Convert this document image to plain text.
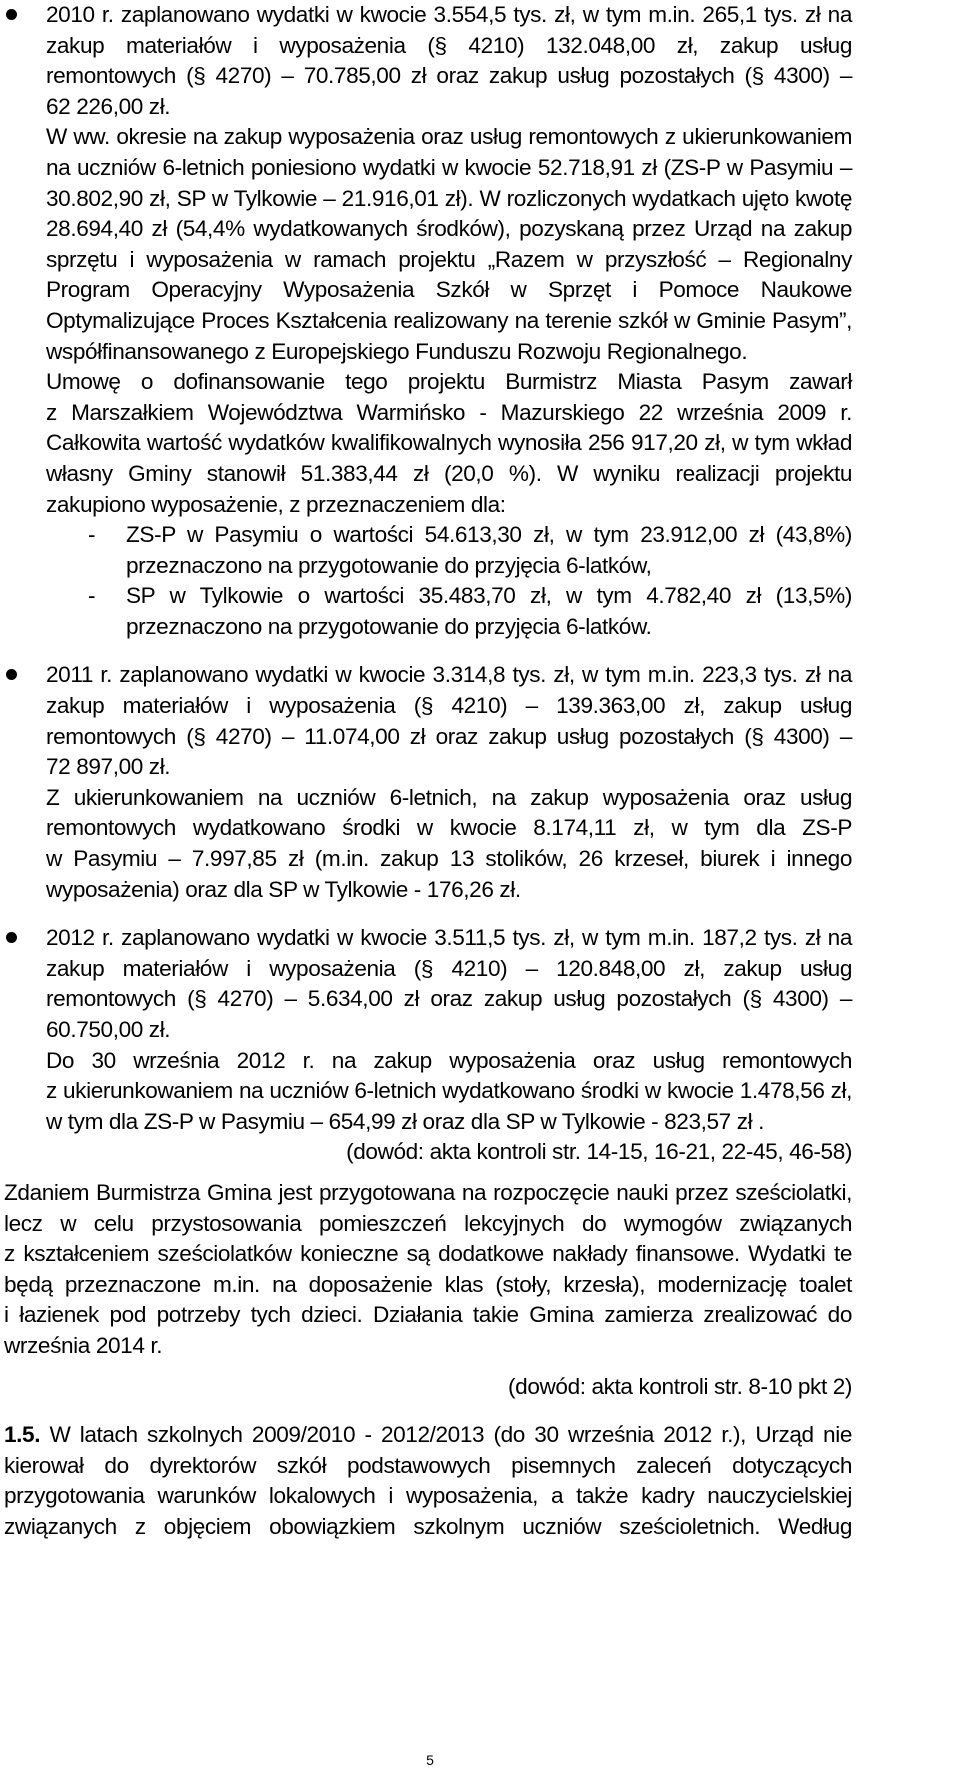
2010 r. zaplanowano wydatki w kwocie 3.554,5 tys. zł, w tym m.in. 265,1 tys. zł na
zakup materiałów i wyposażenia (§ 4210) 132.048,00 zł, zakup usług
remontowych (§ 4270) – 70.785,00 zł oraz zakup usług pozostałych (§ 4300) –
62 226,00 zł.
W ww. okresie na zakup wyposażenia oraz usług remontowych z ukierunkowaniem
na uczniów 6-letnich poniesiono wydatki w kwocie 52.718,91 zł (ZS-P w Pasymiu –
30.802,90 zł, SP w Tylkowie – 21.916,01 zł). W rozliczonych wydatkach ujęto kwotę
28.694,40 zł (54,4% wydatkowanych środków), pozyskaną przez Urząd na zakup
sprzętu i wyposażenia w ramach projektu „Razem w przyszłość – Regionalny
Program Operacyjny Wyposażenia Szkół w Sprzęt i Pomoce Naukowe
Optymalizujące Proces Kształcenia realizowany na terenie szkół w Gminie Pasym”,
współfinansowanego z Europejskiego Funduszu Rozwoju Regionalnego.
Umowę o dofinansowanie tego projektu Burmistrz Miasta Pasym zawarł
z Marszałkiem Województwa Warmińsko - Mazurskiego 22 września 2009 r.
Całkowita wartość wydatków kwalifikowalnych wynosiła 256 917,20 zł, w tym wkład
własny Gminy stanowił 51.383,44 zł (20,0 %). W wyniku realizacji projektu
zakupiono wyposażenie, z przeznaczeniem dla:
- ZS-P w Pasymiu o wartości 54.613,30 zł, w tym 23.912,00 zł (43,8%)
przeznaczono na przygotowanie do przyjęcia 6-latków,
- SP w Tylkowie o wartości 35.483,70 zł, w tym 4.782,40 zł (13,5%)
przeznaczono na przygotowanie do przyjęcia 6-latków.
2011 r. zaplanowano wydatki w kwocie 3.314,8 tys. zł, w tym m.in. 223,3 tys. zł na
zakup materiałów i wyposażenia (§ 4210) – 139.363,00 zł, zakup usług
remontowych (§ 4270) – 11.074,00 zł oraz zakup usług pozostałych (§ 4300) –
72 897,00 zł.
Z ukierunkowaniem na uczniów 6-letnich, na zakup wyposażenia oraz usług
remontowych wydatkowano środki w kwocie 8.174,11 zł, w tym dla ZS-P
w Pasymiu – 7.997,85 zł (m.in. zakup 13 stolików, 26 krzeseł, biurek i innego
wyposażenia) oraz dla SP w Tylkowie - 176,26 zł.
2012 r. zaplanowano wydatki w kwocie 3.511,5 tys. zł, w tym m.in. 187,2 tys. zł na
zakup materiałów i wyposażenia (§ 4210) – 120.848,00 zł, zakup usług
remontowych (§ 4270) – 5.634,00 zł oraz zakup usług pozostałych (§ 4300) –
60.750,00 zł.
Do 30 września 2012 r. na zakup wyposażenia oraz usług remontowych
z ukierunkowaniem na uczniów 6-letnich wydatkowano środki w kwocie 1.478,56 zł,
w tym dla ZS-P w Pasymiu – 654,99 zł oraz dla SP w Tylkowie - 823,57 zł .
(dowód: akta kontroli str. 14-15, 16-21, 22-45, 46-58)
Zdaniem Burmistrza Gmina jest przygotowana na rozpoczęcie nauki przez sześciolatki,
lecz w celu przystosowania pomieszczeń lekcyjnych do wymogów związanych
z kształceniem sześciolatków konieczne są dodatkowe nakłady finansowe. Wydatki te
będą przeznaczone m.in. na doposażenie klas (stoły, krzesła), modernizację toalet
i łazienek pod potrzeby tych dzieci. Działania takie Gmina zamierza zrealizować do
września 2014 r.
(dowód: akta kontroli str. 8-10 pkt 2)
1.5. W latach szkolnych 2009/2010 - 2012/2013 (do 30 września 2012 r.), Urząd nie
kierował do dyrektorów szkół podstawowych pisemnych zaleceń dotyczących
przygotowania warunków lokalowych i wyposażenia, a także kadry nauczycielskiej
związanych z objęciem obowiązkiem szkolnym uczniów sześcioletnich. Według
5
